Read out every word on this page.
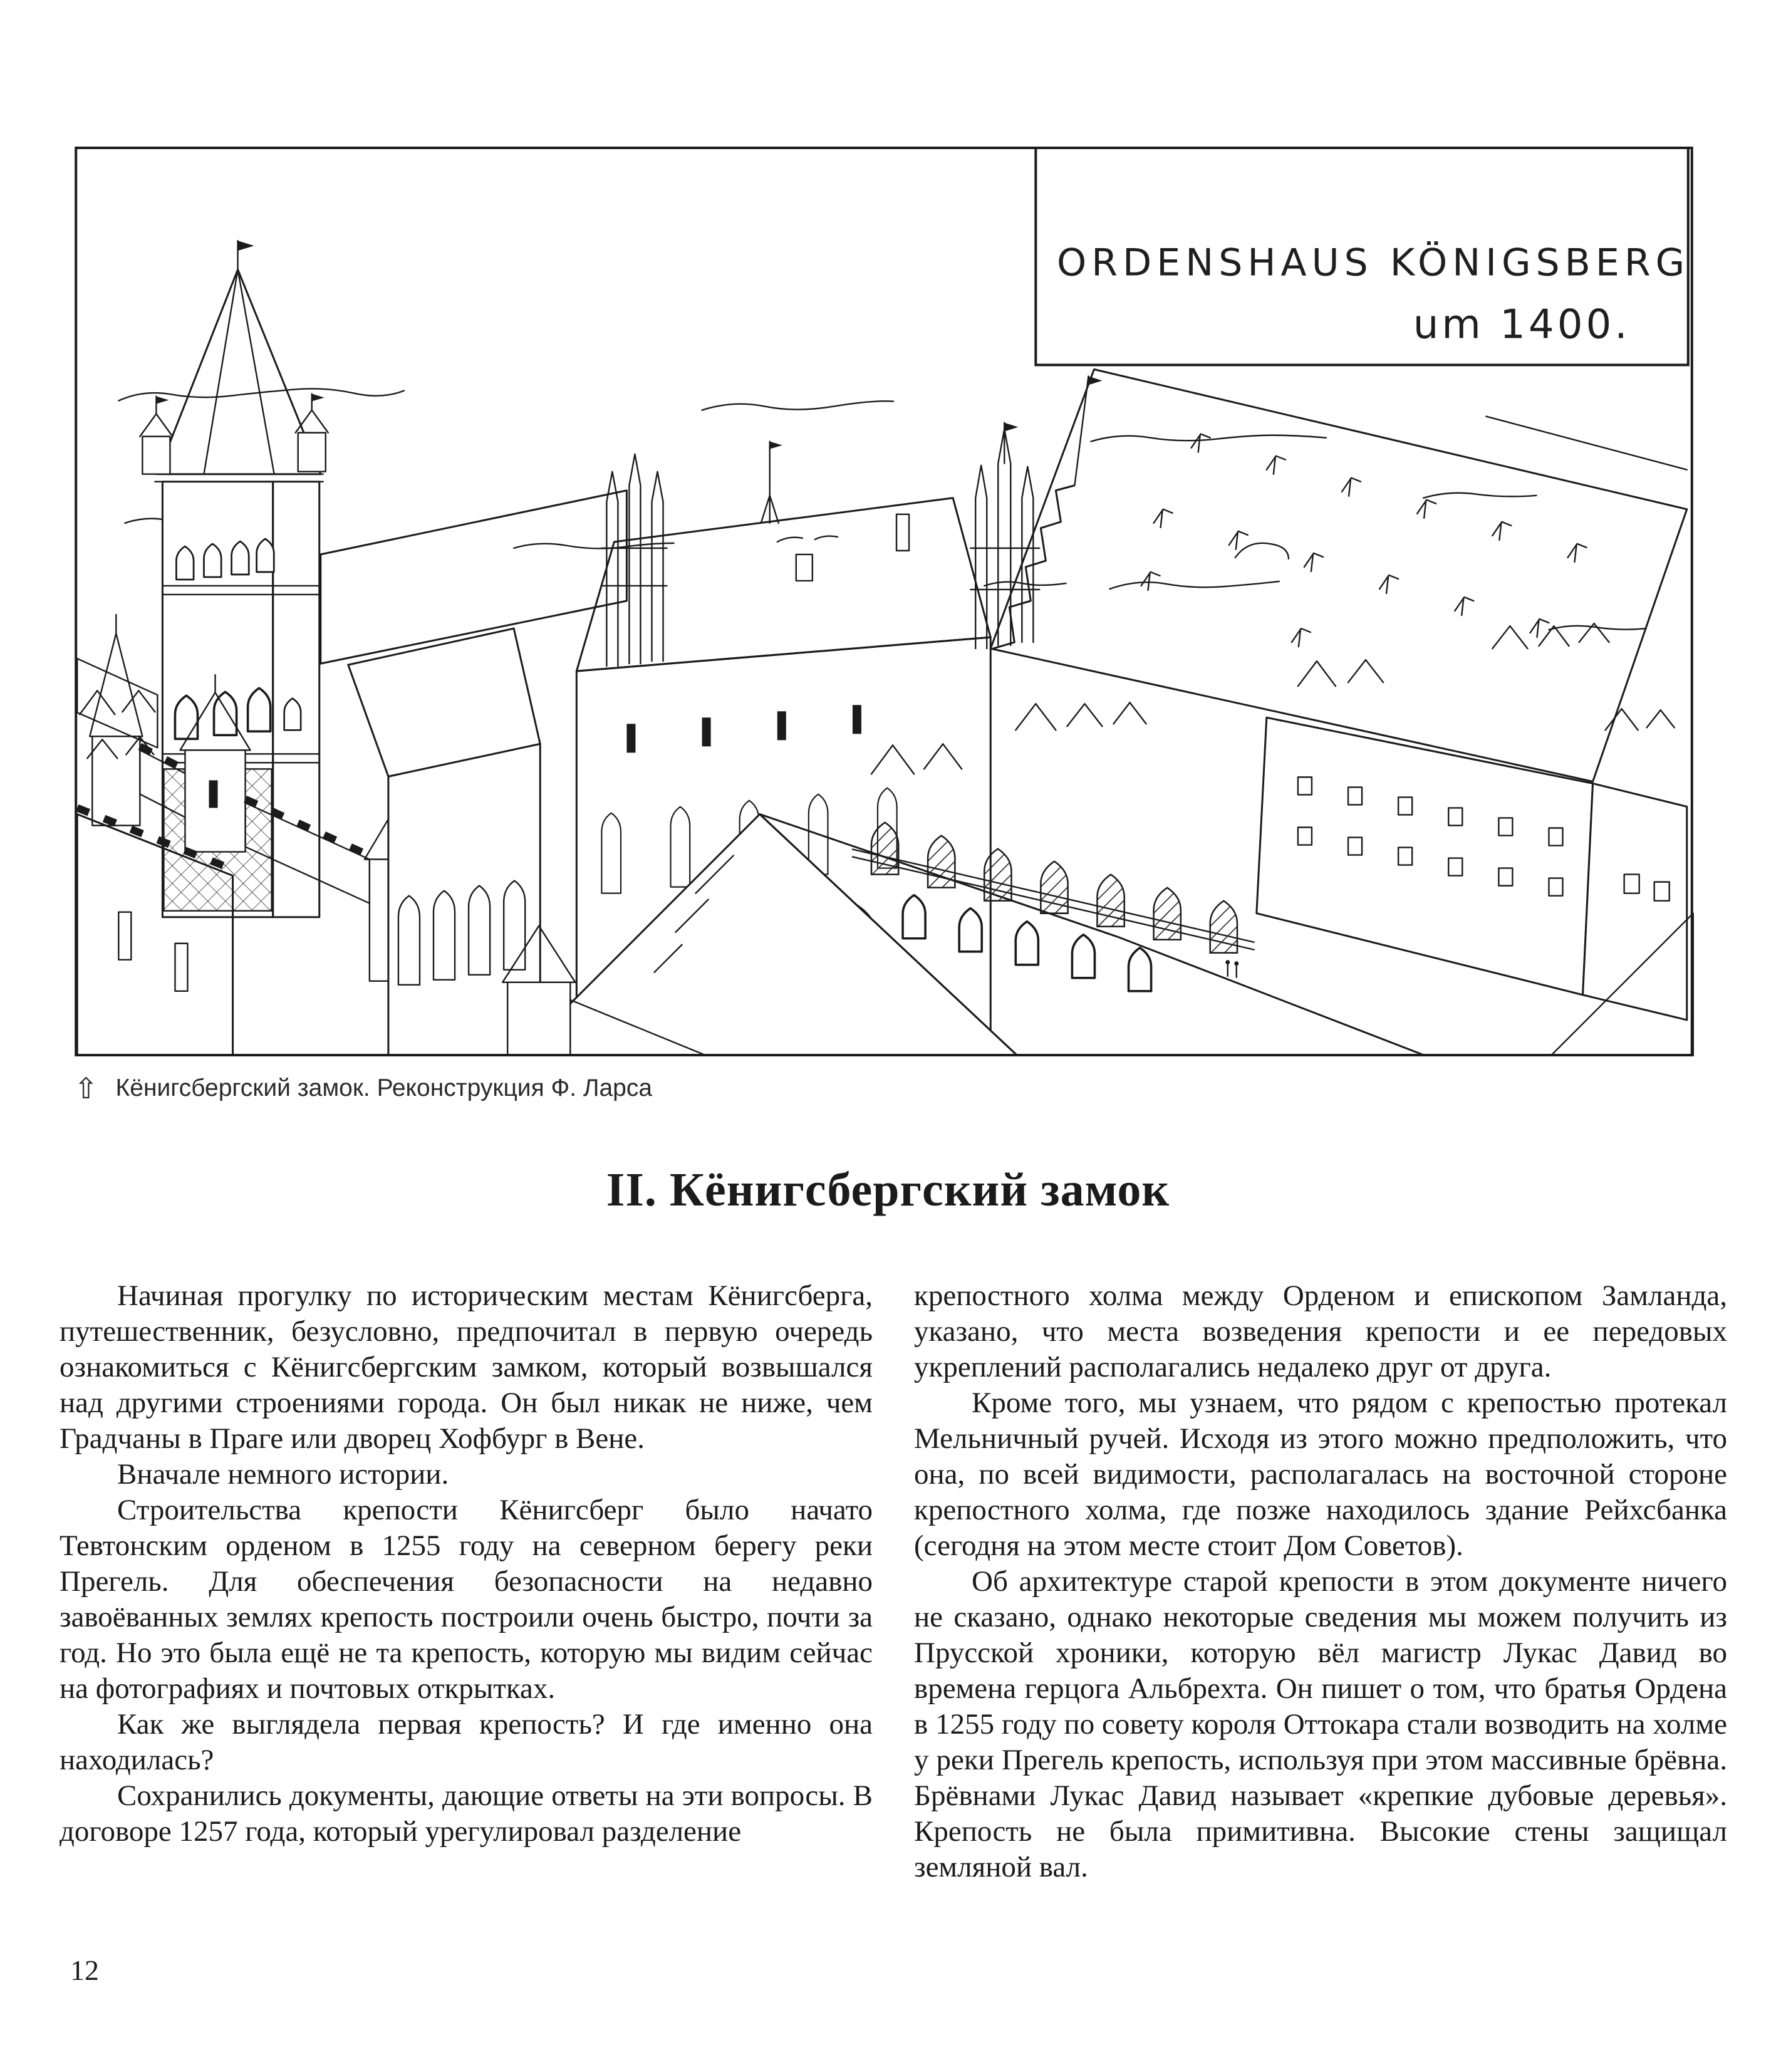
ORDENSHAUS KÖNIGSBERG
um 1400.
⇧ Кёнигсбергский замок. Реконструкция Ф. Ларса
II. Кёнигсбергский замок

Начиная прогулку по историческим местам Кёнигсберга, путешественник, безусловно, предпочитал в первую очередь ознакомиться с Кёнигсбергским замком, который возвышался над другими строениями города. Он был никак не ниже, чем Градчаны в Праге или дворец Хофбург в Вене.

Вначале немного истории.

Строительства крепости Кёнигсберг было начато Тевтонским орденом в 1255 году на северном берегу реки Прегель. Для обеспечения безопасности на недавно завоёванных землях крепость построили очень быстро, почти за год. Но это была ещё не та крепость, которую мы видим сейчас на фотографиях и почтовых открытках.

Как же выглядела первая крепость? И где именно она находилась?

Сохранились документы, дающие ответы на эти вопросы. В договоре 1257 года, который урегулировал разделение

крепостного холма между Орденом и епископом Замланда, указано, что места возведения крепости и ее передовых укреплений располагались недалеко друг от друга.

Кроме того, мы узнаем, что рядом с крепостью протекал Мельничный ручей. Исходя из этого можно предположить, что она, по всей видимости, располагалась на восточной стороне крепостного холма, где позже находилось здание Рейхсбанка (сегодня на этом месте стоит Дом Советов).

Об архитектуре старой крепости в этом документе ничего не сказано, однако некоторые сведения мы можем получить из Прусской хроники, которую вёл магистр Лукас Давид во времена герцога Альбрехта. Он пишет о том, что братья Ордена в 1255 году по совету короля Оттокара стали возводить на холме у реки Прегель крепость, используя при этом массивные брёвна. Брёвнами Лукас Давид называет «крепкие дубовые деревья». Крепость не была примитивна. Высокие стены защищал земляной вал.

12
